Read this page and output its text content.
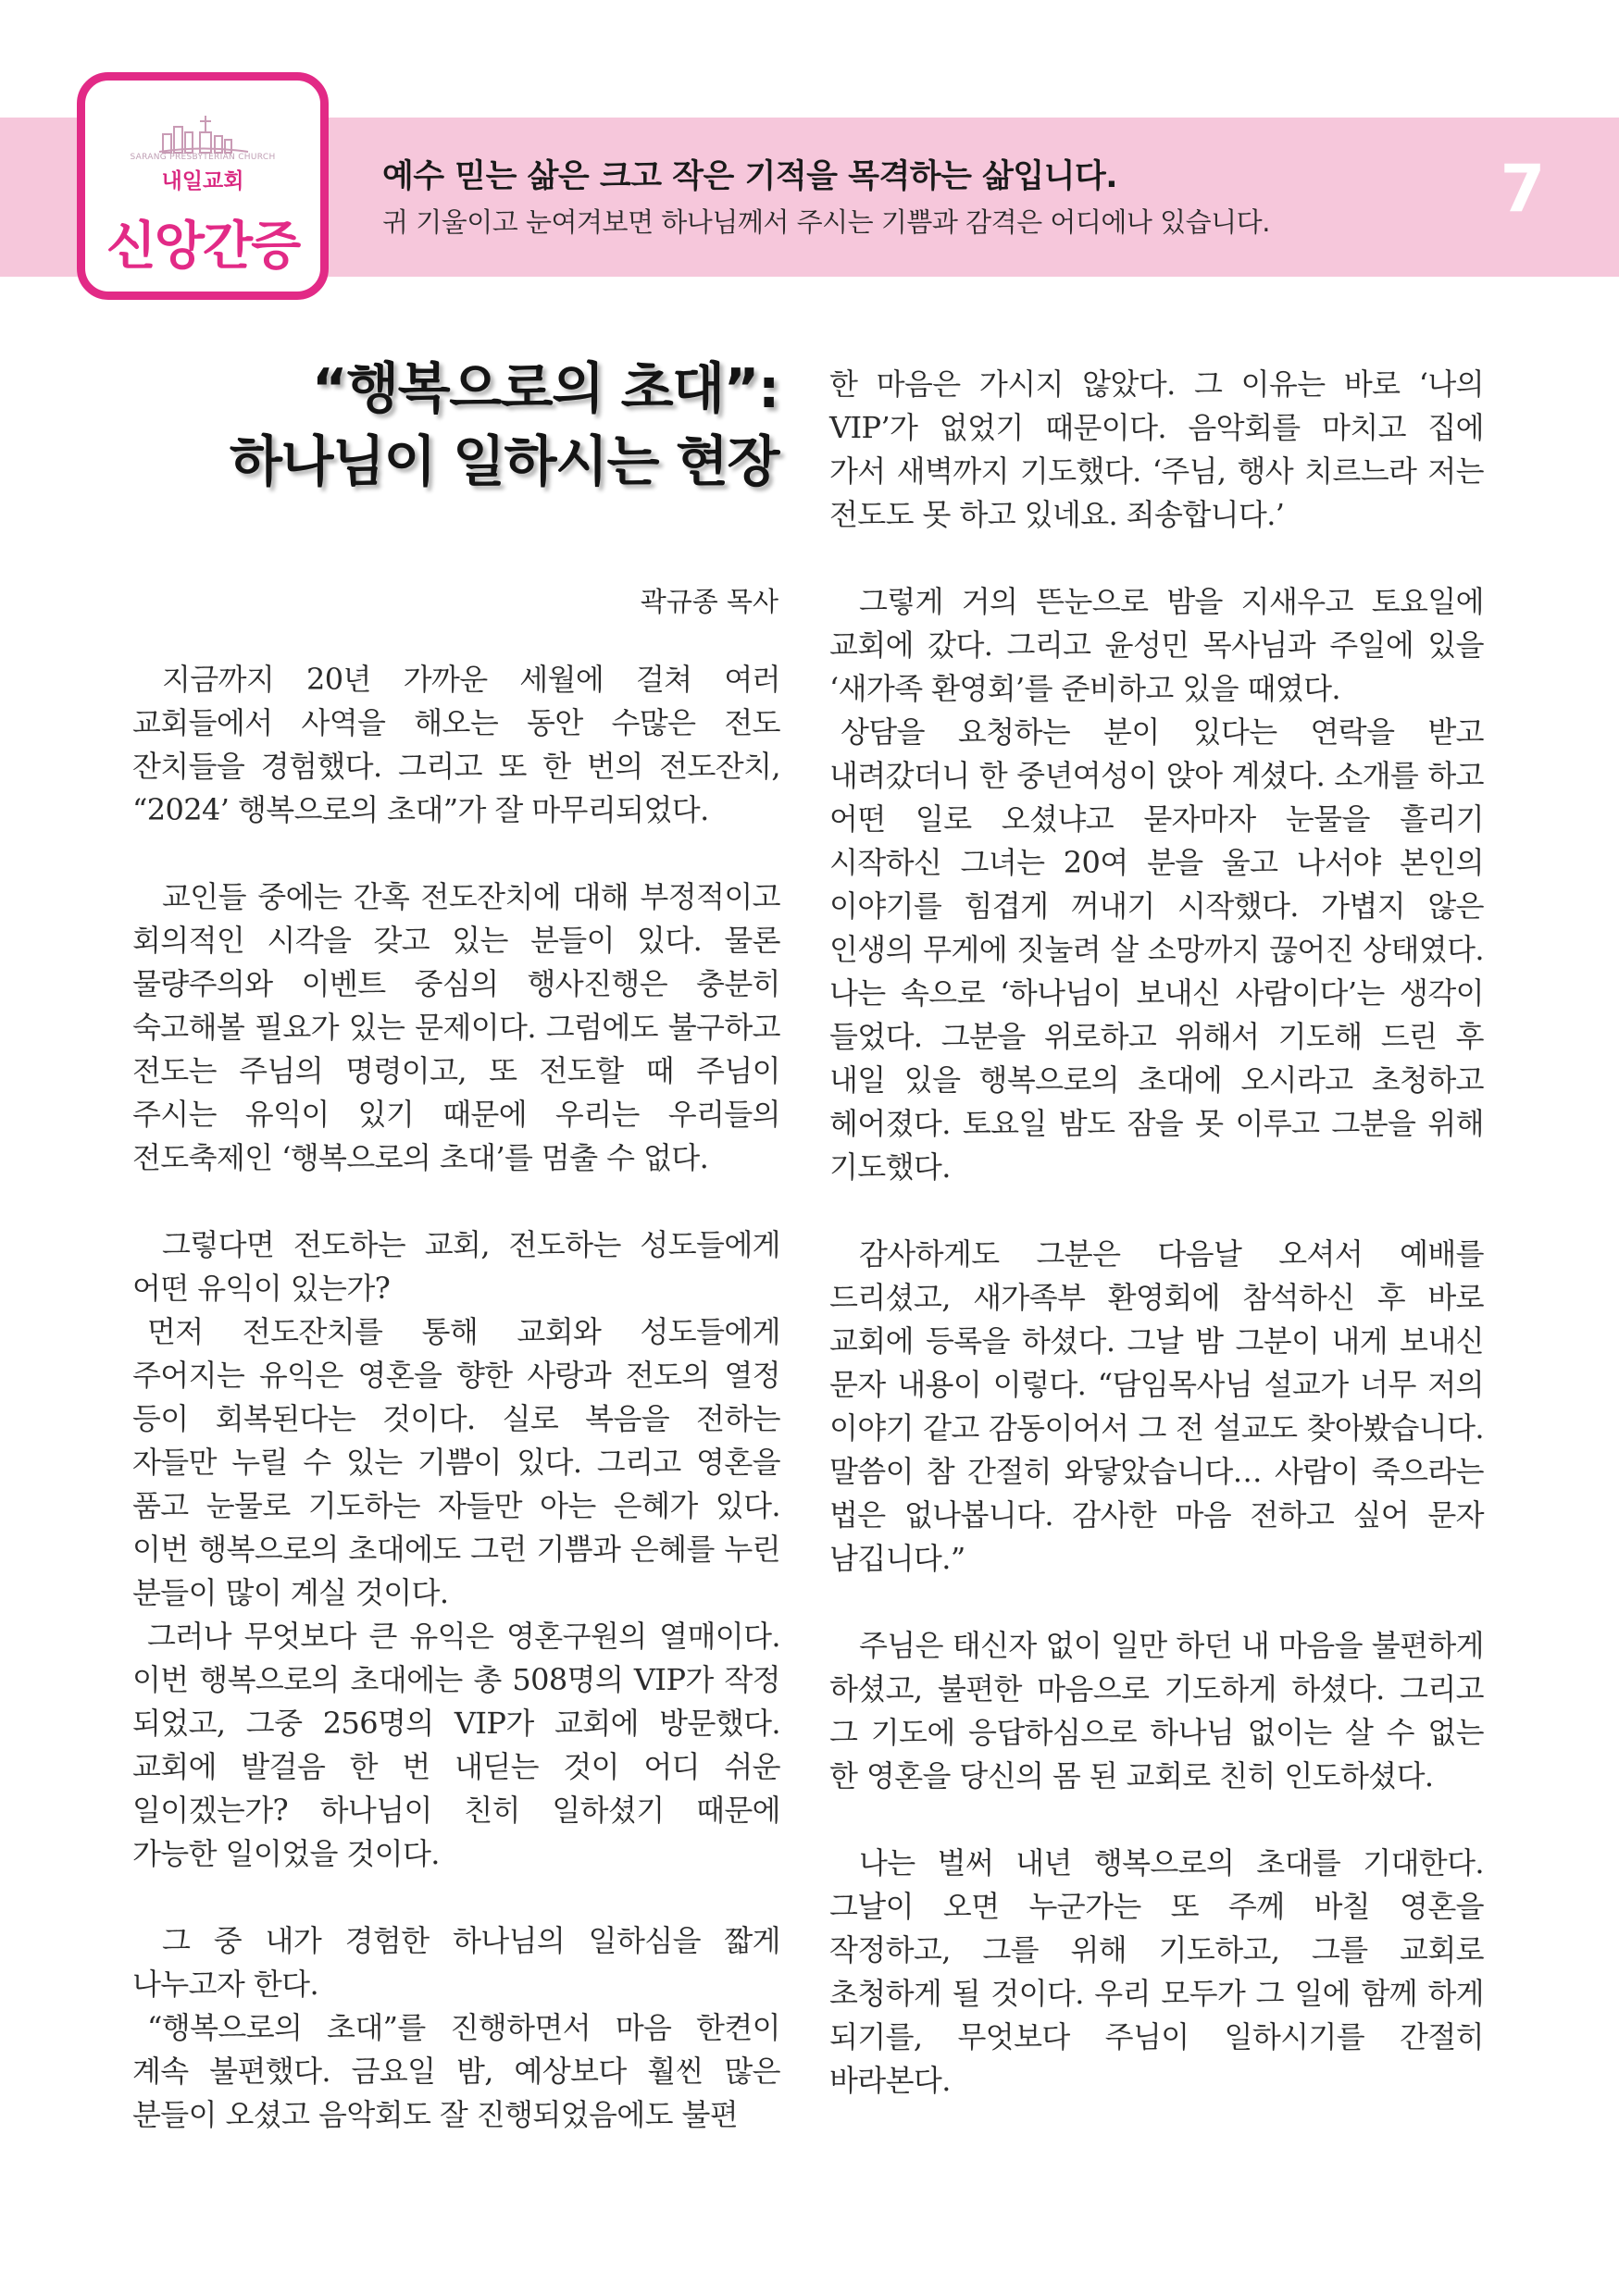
SARANG PRESBYTERIAN CHURCH
내일교회
신앙간증
예수 믿는 삶은 크고 작은 기적을 목격하는 삶입니다.
귀 기울이고 눈여겨보면 하나님께서 주시는 기쁨과 감격은 어디에나 있습니다.	7
“행복으로의 초대”:
하나님이 일하시는 현장
곽규종 목사

지금까지 20년 가까운 세월에 걸쳐 여러 교회들에서 사역을 해오는 동안 수많은 전도 잔치들을 경험했다. 그리고 또 한 번의 전도잔치, “2024’ 행복으로의 초대”가 잘 마무리되었다.

교인들 중에는 간혹 전도잔치에 대해 부정적이고 회의적인 시각을 갖고 있는 분들이 있다. 물론 물량주의와 이벤트 중심의 행사진행은 충분히 숙고해볼 필요가 있는 문제이다. 그럼에도 불구하고 전도는 주님의 명령이고, 또 전도할 때 주님이 주시는 유익이 있기 때문에 우리는 우리들의 전도축제인 ‘행복으로의 초대’를 멈출 수 없다.

그렇다면 전도하는 교회, 전도하는 성도들에게 어떤 유익이 있는가?

먼저 전도잔치를 통해 교회와 성도들에게 주어지는 유익은 영혼을 향한 사랑과 전도의 열정 등이 회복된다는 것이다. 실로 복음을 전하는 자들만 누릴 수 있는 기쁨이 있다. 그리고 영혼을 품고 눈물로 기도하는 자들만 아는 은혜가 있다. 이번 행복으로의 초대에도 그런 기쁨과 은혜를 누린 분들이 많이 계실 것이다.

그러나 무엇보다 큰 유익은 영혼구원의 열매이다. 이번 행복으로의 초대에는 총 508명의 VIP가 작정 되었고, 그중 256명의 VIP가 교회에 방문했다. 교회에 발걸음 한 번 내딛는 것이 어디 쉬운 일이겠는가? 하나님이 친히 일하셨기 때문에 가능한 일이었을 것이다.

그 중 내가 경험한 하나님의 일하심을 짧게 나누고자 한다.

“행복으로의 초대”를 진행하면서 마음 한켠이 계속 불편했다. 금요일 밤, 예상보다 훨씬 많은 분들이 오셨고 음악회도 잘 진행되었음에도 불편

한 마음은 가시지 않았다. 그 이유는 바로 ‘나의 VIP’가 없었기 때문이다. 음악회를 마치고 집에 가서 새벽까지 기도했다. ‘주님, 행사 치르느라 저는 전도도 못 하고 있네요. 죄송합니다.’

그렇게 거의 뜬눈으로 밤을 지새우고 토요일에 교회에 갔다. 그리고 윤성민 목사님과 주일에 있을 ‘새가족 환영회’를 준비하고 있을 때였다.

상담을 요청하는 분이 있다는 연락을 받고 내려갔더니 한 중년여성이 앉아 계셨다. 소개를 하고 어떤 일로 오셨냐고 묻자마자 눈물을 흘리기 시작하신 그녀는 20여 분을 울고 나서야 본인의 이야기를 힘겹게 꺼내기 시작했다. 가볍지 않은 인생의 무게에 짓눌려 살 소망까지 끊어진 상태였다. 나는 속으로 ‘하나님이 보내신 사람이다’는 생각이 들었다. 그분을 위로하고 위해서 기도해 드린 후 내일 있을 행복으로의 초대에 오시라고 초청하고 헤어졌다. 토요일 밤도 잠을 못 이루고 그분을 위해 기도했다.

감사하게도 그분은 다음날 오셔서 예배를 드리셨고, 새가족부 환영회에 참석하신 후 바로 교회에 등록을 하셨다. 그날 밤 그분이 내게 보내신 문자 내용이 이렇다. “담임목사님 설교가 너무 저의 이야기 같고 감동이어서 그 전 설교도 찾아봤습니다. 말씀이 참 간절히 와닿았습니다… 사람이 죽으라는 법은 없나봅니다. 감사한 마음 전하고 싶어 문자 남깁니다.”

주님은 태신자 없이 일만 하던 내 마음을 불편하게 하셨고, 불편한 마음으로 기도하게 하셨다. 그리고 그 기도에 응답하심으로 하나님 없이는 살 수 없는 한 영혼을 당신의 몸 된 교회로 친히 인도하셨다.

나는 벌써 내년 행복으로의 초대를 기대한다. 그날이 오면 누군가는 또 주께 바칠 영혼을 작정하고, 그를 위해 기도하고, 그를 교회로 초청하게 될 것이다. 우리 모두가 그 일에 함께 하게 되기를, 무엇보다 주님이 일하시기를 간절히 바라본다.
